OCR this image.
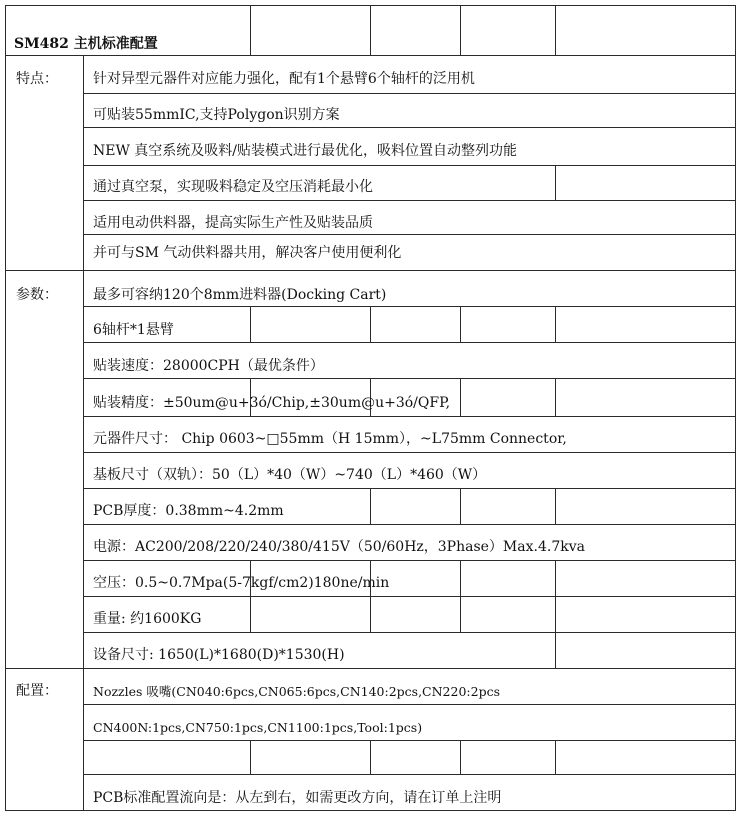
SM482 主机标准配置
特点：
参数：
配置：
针对异型元器件对应能力强化，配有1个悬臂6个轴杆的泛用机
可贴装55mmIC,支持Polygon识别方案
NEW 真空系统及吸料/贴装模式进行最优化，吸料位置自动整列功能
通过真空泵，实现吸料稳定及空压消耗最小化
适用电动供料器，提高实际生产性及贴装品质
并可与SM 气动供料器共用，解决客户使用便利化
最多可容纳120个8mm进料器(Docking Cart)
6轴杆*1悬臂
贴装速度：28000CPH（最优条件）
贴装精度：±50um@u+3ó/Chip,±30um@u+3ó/QFP,
元器件尺寸： Chip 0603~□55mm（H 15mm），~L75mm Connector,
基板尺寸（双轨）：50（L）*40（W）~740（L）*460（W）
PCB厚度：0.38mm~4.2mm
电源：AC200/208/220/240/380/415V（50/60Hz，3Phase）Max.4.7kva
空压：0.5~0.7Mpa(5-7kgf/cm2)180ne/min
重量: 约1600KG
设备尺寸: 1650(L)*1680(D)*1530(H)
Nozzles 吸嘴(CN040:6pcs,CN065:6pcs,CN140:2pcs,CN220:2pcs
CN400N:1pcs,CN750:1pcs,CN1100:1pcs,Tool:1pcs)
PCB标准配置流向是：从左到右，如需更改方向，请在订单上注明
